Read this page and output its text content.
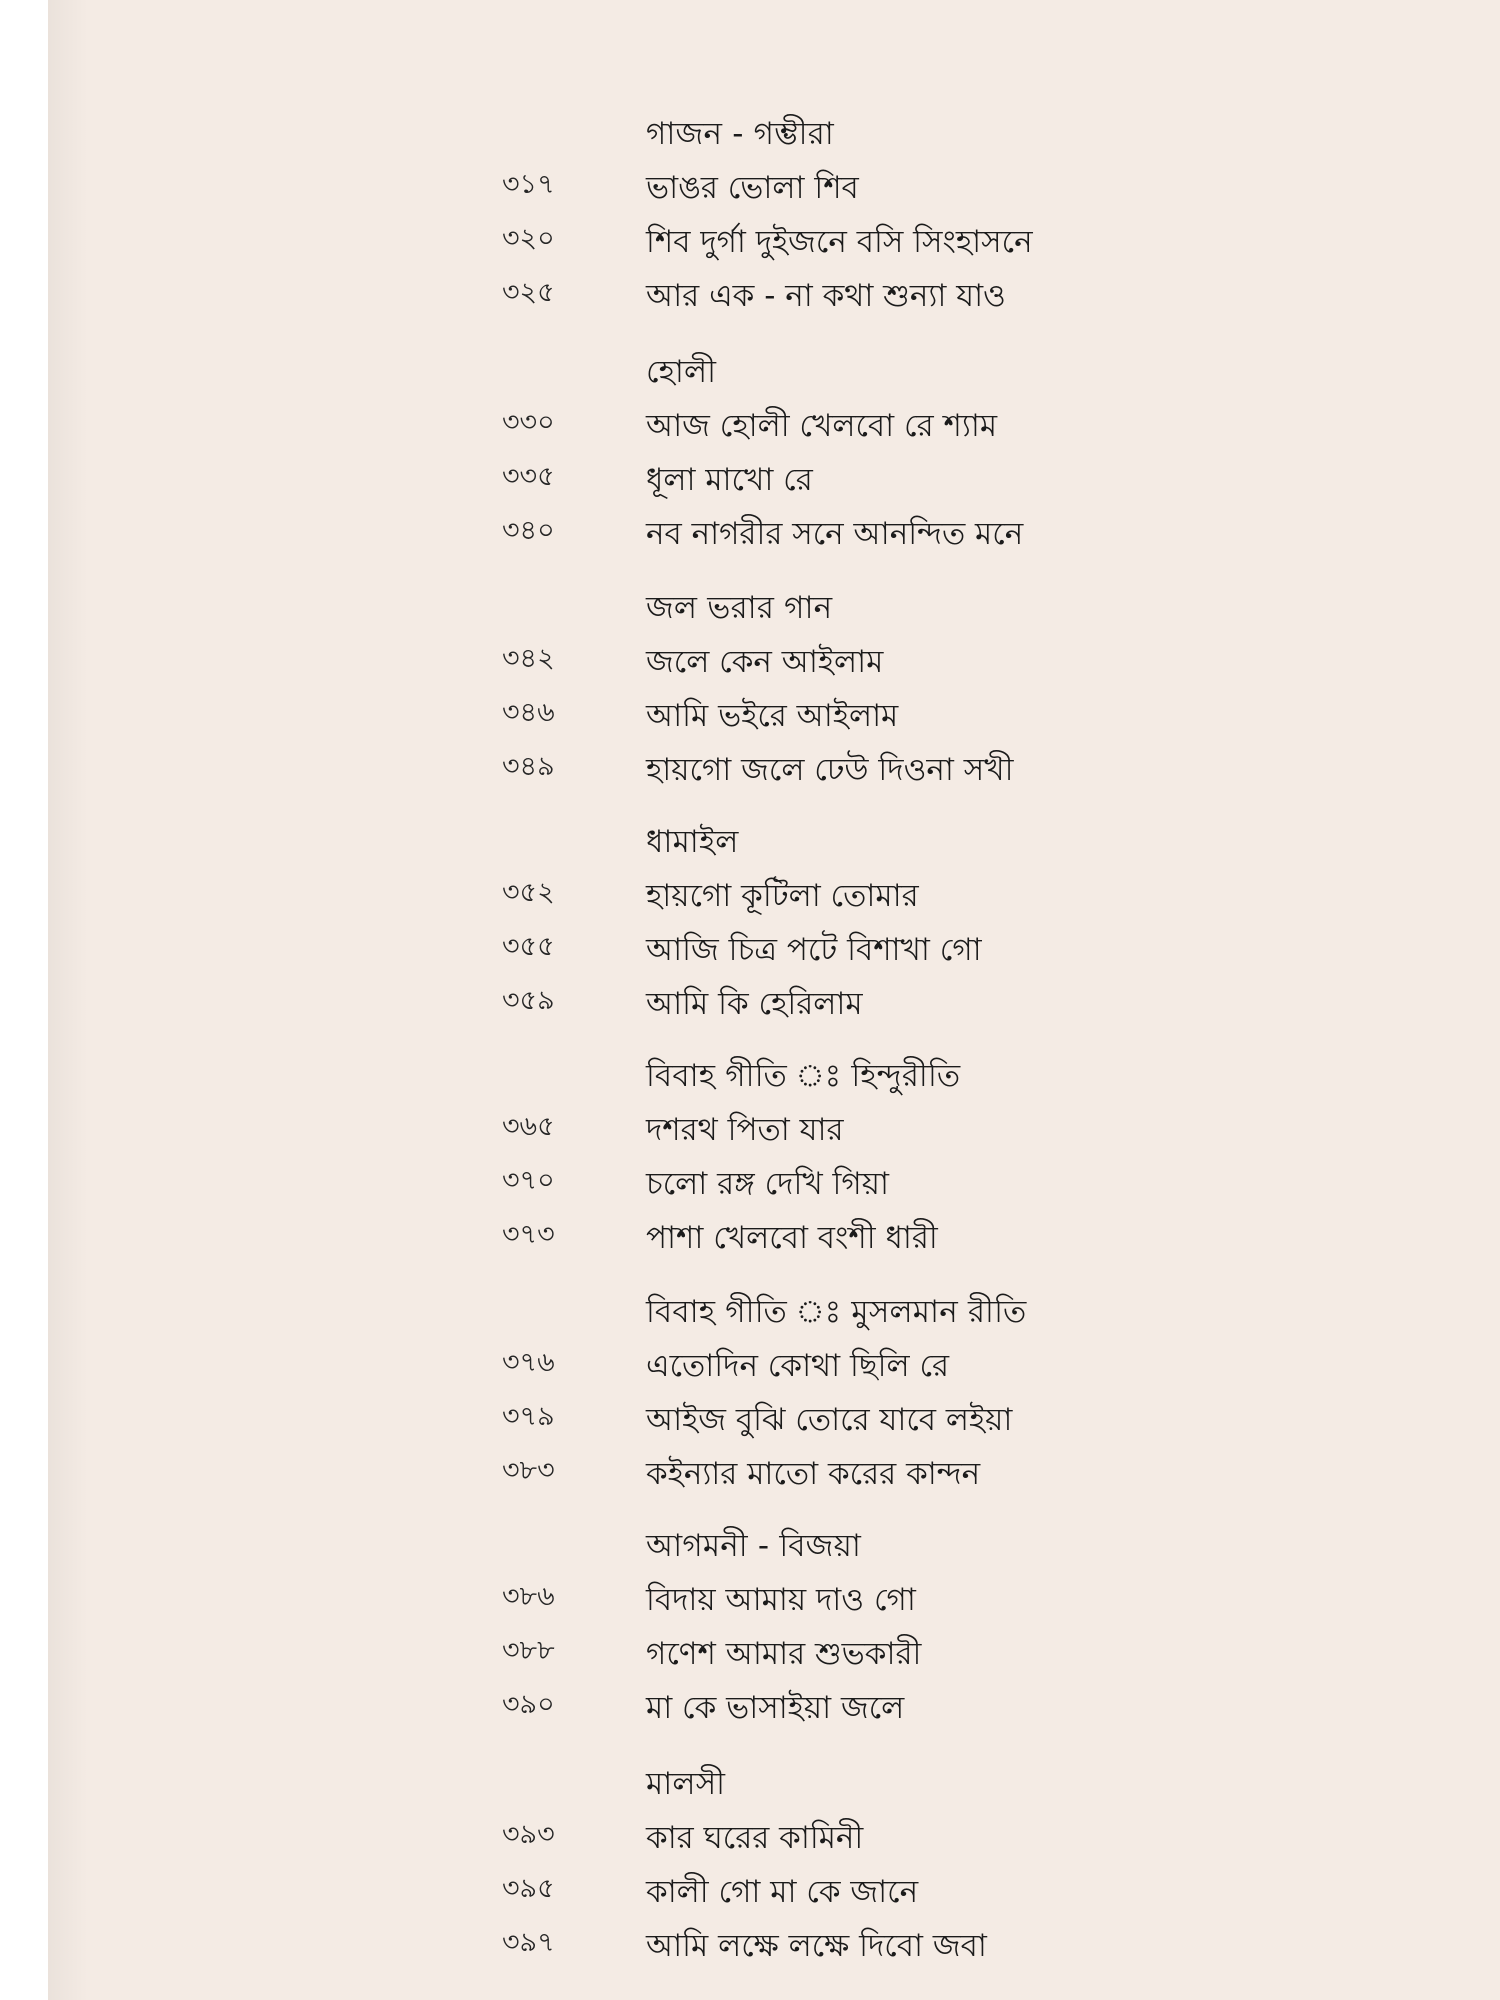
গাজন - গম্ভীরা
৩১৭	ভাঙর ভোলা শিব
৩২০	শিব দুর্গা দুইজনে বসি সিংহাসনে
৩২৫	আর এক - না কথা শুন্যা যাও
হোলী
৩৩০	আজ হোলী খেলবো রে শ্যাম
৩৩৫	ধূলা মাখো রে
৩৪০	নব নাগরীর সনে আনন্দিত মনে
জল ভরার গান
৩৪২	জলে কেন আইলাম
৩৪৬	আমি ভইরে আইলাম
৩৪৯	হায়গো জলে ঢেউ দিওনা সখী
ধামাইল
৩৫২	হায়গো কূটিলা তোমার
৩৫৫	আজি চিত্র পটে বিশাখা গো
৩৫৯	আমি কি হেরিলাম
বিবাহ গীতি ঃ হিন্দুরীতি
৩৬৫	দশরথ পিতা যার
৩৭০	চলো রঙ্গ দেখি গিয়া
৩৭৩	পাশা খেলবো বংশী ধারী
বিবাহ গীতি ঃ মুসলমান রীতি
৩৭৬	এতোদিন কোথা ছিলি রে
৩৭৯	আইজ বুঝি তোরে যাবে লইয়া
৩৮৩	কইন্যার মাতো করের কান্দন
আগমনী - বিজয়া
৩৮৬	বিদায় আমায় দাও গো
৩৮৮	গণেশ আমার শুভকারী
৩৯০	মা কে ভাসাইয়া জলে
মালসী
৩৯৩	কার ঘরের কামিনী
৩৯৫	কালী গো মা কে জানে
৩৯৭	আমি লক্ষে লক্ষে দিবো জবা
